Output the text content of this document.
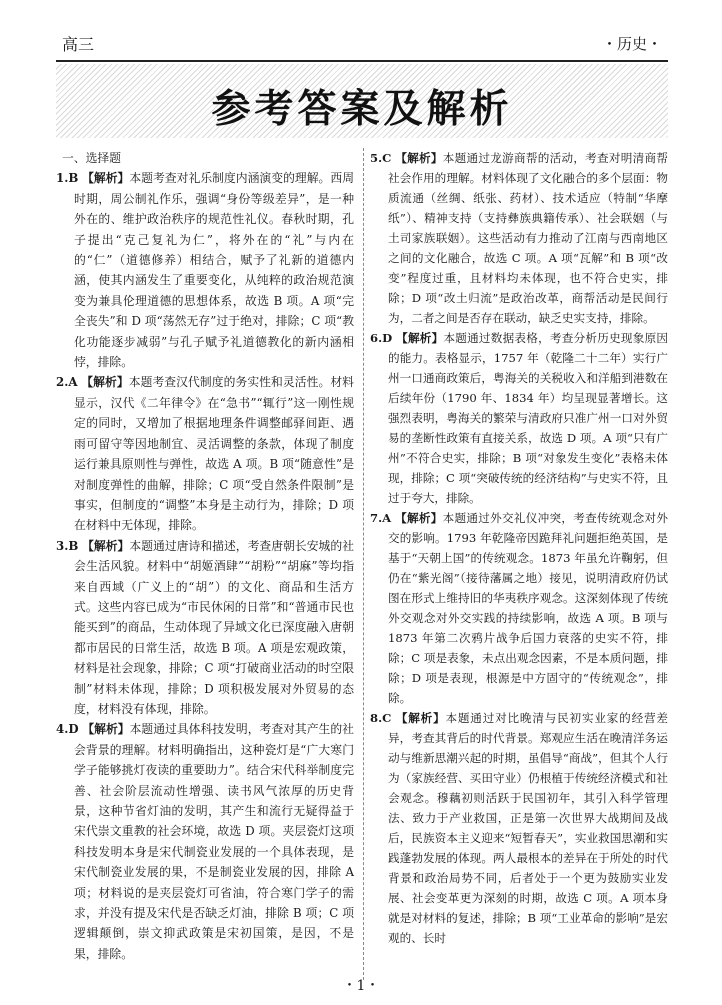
高三	・历史・
参考答案及解析

一、选择题

1.B 【解析】本题考查对礼乐制度内涵演变的理解。西周时期，周公制礼作乐，强调“身份等级差异”，是一种外在的、维护政治秩序的规范性礼仪。春秋时期，孔子提出“克己复礼为仁”，将外在的“礼”与内在的“仁”（道德修养）相结合，赋予了礼新的道德内涵，使其内涵发生了重要变化，从纯粹的政治规范演变为兼具伦理道德的思想体系，故选 B 项。A 项“完全丧失”和 D 项“荡然无存”过于绝对，排除；C 项“教化功能逐步减弱”与孔子赋予礼道德教化的新内涵相悖，排除。

2.A 【解析】本题考查汉代制度的务实性和灵活性。材料显示，汉代《二年律令》在“急书”“辄行”这一刚性规定的同时，又增加了根据地理条件调整邮驿间距、遇雨可留守等因地制宜、灵活调整的条款，体现了制度运行兼具原则性与弹性，故选 A 项。B 项“随意性”是对制度弹性的曲解，排除；C 项“受自然条件限制”是事实，但制度的“调整”本身是主动行为，排除；D 项在材料中无体现，排除。

3.B 【解析】本题通过唐诗和描述，考查唐朝长安城的社会生活风貌。材料中“胡姬酒肆”“胡粉”“胡麻”等均指来自西域（广义上的“胡”）的文化、商品和生活方式。这些内容已成为“市民休闲的日常”和“普通市民也能买到”的商品，生动体现了异域文化已深度融入唐朝都市居民的日常生活，故选 B 项。A 项是宏观政策，材料是社会现象，排除；C 项“打破商业活动的时空限制”材料未体现，排除；D 项积极发展对外贸易的态度，材料没有体现，排除。

4.D 【解析】本题通过具体科技发明，考查对其产生的社会背景的理解。材料明确指出，这种瓷灯是“广大寒门学子能够挑灯夜读的重要助力”。结合宋代科举制度完善、社会阶层流动性增强、读书风气浓厚的历史背景，这种节省灯油的发明，其产生和流行无疑得益于宋代崇文重教的社会环境，故选 D 项。夹层瓷灯这项科技发明本身是宋代制瓷业发展的一个具体表现，是宋代制瓷业发展的果，不是制瓷业发展的因，排除 A 项；材料说的是夹层瓷灯可省油，符合寒门学子的需求，并没有提及宋代是否缺乏灯油，排除 B 项；C 项逻辑颠倒，崇文抑武政策是宋初国策，是因，不是果，排除。

5.C 【解析】本题通过龙游商帮的活动，考查对明清商帮社会作用的理解。材料体现了文化融合的多个层面：物质流通（丝绸、纸张、药材）、技术适应（特制“华摩纸”）、精神支持（支持彝族典籍传承）、社会联姻（与土司家族联姻）。这些活动有力推动了江南与西南地区之间的文化融合，故选 C 项。A 项“瓦解”和 B 项“改变”程度过重，且材料均未体现，也不符合史实，排除；D 项“改土归流”是政治改革，商帮活动是民间行为，二者之间是否存在联动，缺乏史实支持，排除。

6.D 【解析】本题通过数据表格，考查分析历史现象原因的能力。表格显示，1757 年（乾隆二十二年）实行广州一口通商政策后，粤海关的关税收入和洋船到港数在后续年份（1790 年、1834 年）均呈现显著增长。这强烈表明，粤海关的繁荣与清政府只准广州一口对外贸易的垄断性政策有直接关系，故选 D 项。A 项“只有广州”不符合史实，排除；B 项“对象发生变化”表格未体现，排除；C 项“突破传统的经济结构”与史实不符，且过于夸大，排除。

7.A 【解析】本题通过外交礼仪冲突，考查传统观念对外交的影响。1793 年乾隆帝因跪拜礼问题拒绝英国，是基于“天朝上国”的传统观念。1873 年虽允许鞠躬，但仍在“紫光阁”（接待藩属之地）接见，说明清政府仍试图在形式上维持旧的华夷秩序观念。这深刻体现了传统外交观念对外交实践的持续影响，故选 A 项。B 项与 1873 年第二次鸦片战争后国力衰落的史实不符，排除；C 项是表象，未点出观念因素，不是本质问题，排除；D 项是表现，根源是中方固守的“传统观念”，排除。

8.C 【解析】本题通过对比晚清与民初实业家的经营差异，考查其背后的时代背景。郑观应生活在晚清洋务运动与维新思潮兴起的时期，虽倡导“商战”，但其个人行为（家族经营、买田守业）仍根植于传统经济模式和社会观念。穆藕初则活跃于民国初年，其引入科学管理法、致力于产业救国，正是第一次世界大战期间及战后，民族资本主义迎来“短暂春天”，实业救国思潮和实践蓬勃发展的体现。两人最根本的差异在于所处的时代背景和政治局势不同，后者处于一个更为鼓励实业发展、社会变革更为深刻的时期，故选 C 项。A 项本身就是对材料的复述，排除；B 项“工业革命的影响”是宏观的、长时

・1・
